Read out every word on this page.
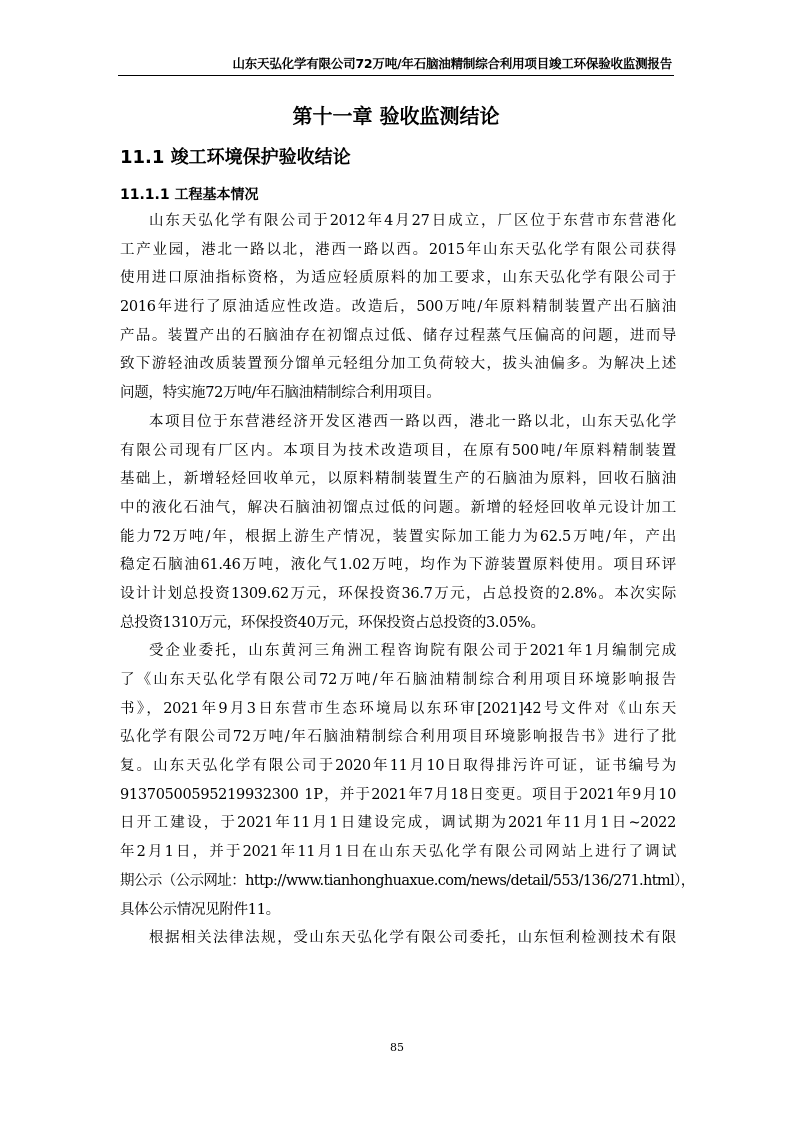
山东天弘化学有限公司72万吨/年石脑油精制综合利用项目竣工环保验收监测报告
第十一章 验收监测结论
11.1 竣工环境保护验收结论
11.1.1 工程基本情况
山东天弘化学有限公司于2012年4月27日成立，厂区位于东营市东营港化
工产业园，港北一路以北，港西一路以西。2015年山东天弘化学有限公司获得
使用进口原油指标资格，为适应轻质原料的加工要求，山东天弘化学有限公司于
2016年进行了原油适应性改造。改造后，500万吨/年原料精制装置产出石脑油
产品。装置产出的石脑油存在初馏点过低、储存过程蒸气压偏高的问题，进而导
致下游轻油改质装置预分馏单元轻组分加工负荷较大，拔头油偏多。为解决上述
问题，特实施72万吨/年石脑油精制综合利用项目。
本项目位于东营港经济开发区港西一路以西，港北一路以北，山东天弘化学
有限公司现有厂区内。本项目为技术改造项目，在原有500吨/年原料精制装置
基础上，新增轻烃回收单元，以原料精制装置生产的石脑油为原料，回收石脑油
中的液化石油气，解决石脑油初馏点过低的问题。新增的轻烃回收单元设计加工
能力72万吨/年，根据上游生产情况，装置实际加工能力为62.5万吨/年，产出
稳定石脑油61.46万吨，液化气1.02万吨，均作为下游装置原料使用。项目环评
设计计划总投资1309.62万元，环保投资36.7万元，占总投资的2.8%。本次实际
总投资1310万元，环保投资40万元，环保投资占总投资的3.05%。
受企业委托，山东黄河三角洲工程咨询院有限公司于2021年1月编制完成
了《山东天弘化学有限公司72万吨/年石脑油精制综合利用项目环境影响报告
书》，2021年9月3日东营市生态环境局以东环审[2021]42号文件对《山东天
弘化学有限公司72万吨/年石脑油精制综合利用项目环境影响报告书》进行了批
复。山东天弘化学有限公司于2020年11月10日取得排污许可证，证书编号为
91370500595219932300 1P，并于2021年7月18日变更。项目于2021年9月10
日开工建设，于2021年11月1日建设完成，调试期为2021年11月1日~2022
年2月1日，并于2021年11月1日在山东天弘化学有限公司网站上进行了调试
期公示（公示网址：http://www.tianhonghuaxue.com/news/detail/553/136/271.html），
具体公示情况见附件11。
根据相关法律法规，受山东天弘化学有限公司委托，山东恒利检测技术有限
85
